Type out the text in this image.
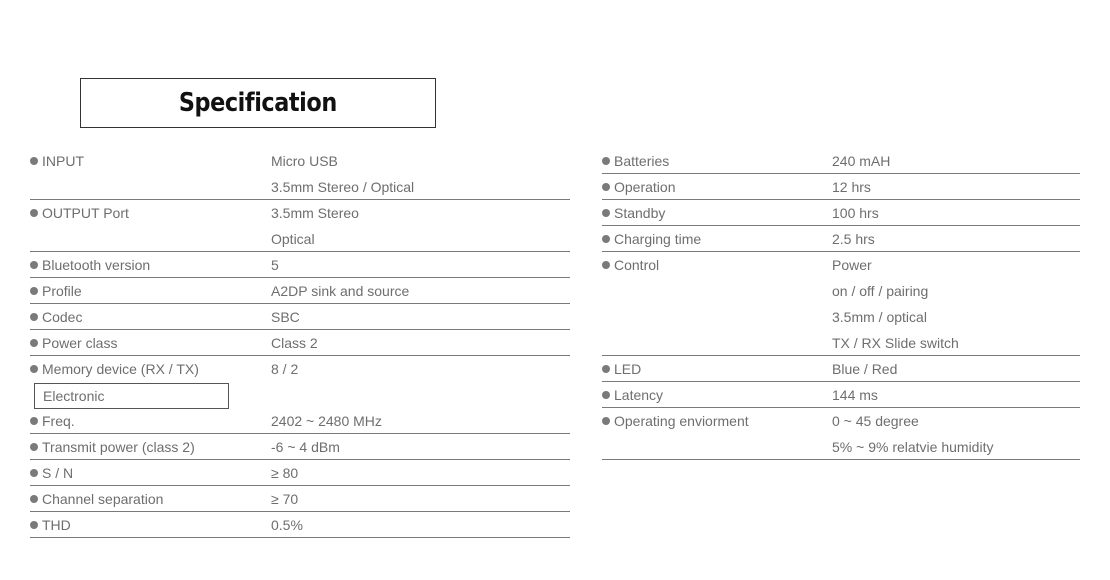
Specification
INPUT	Micro USB
3.5mm Stereo / Optical
OUTPUT Port	3.5mm Stereo
Optical
Bluetooth version	5
Profile	A2DP sink and source
Codec	SBC
Power class	Class 2
Memory device (RX / TX)	8 / 2
Electronic
Freq.	2402 ~ 2480 MHz
Transmit power (class 2)	-6 ~ 4 dBm
S / N	≥ 80
Channel separation	≥ 70
THD	0.5%
Batteries	240 mAH
Operation	12 hrs
Standby	100 hrs
Charging time	2.5 hrs
Control	Power
on / off / pairing
3.5mm / optical
TX / RX Slide switch
LED	Blue / Red
Latency	144 ms
Operating enviorment	0 ~ 45 degree
5% ~ 9% relatvie humidity
